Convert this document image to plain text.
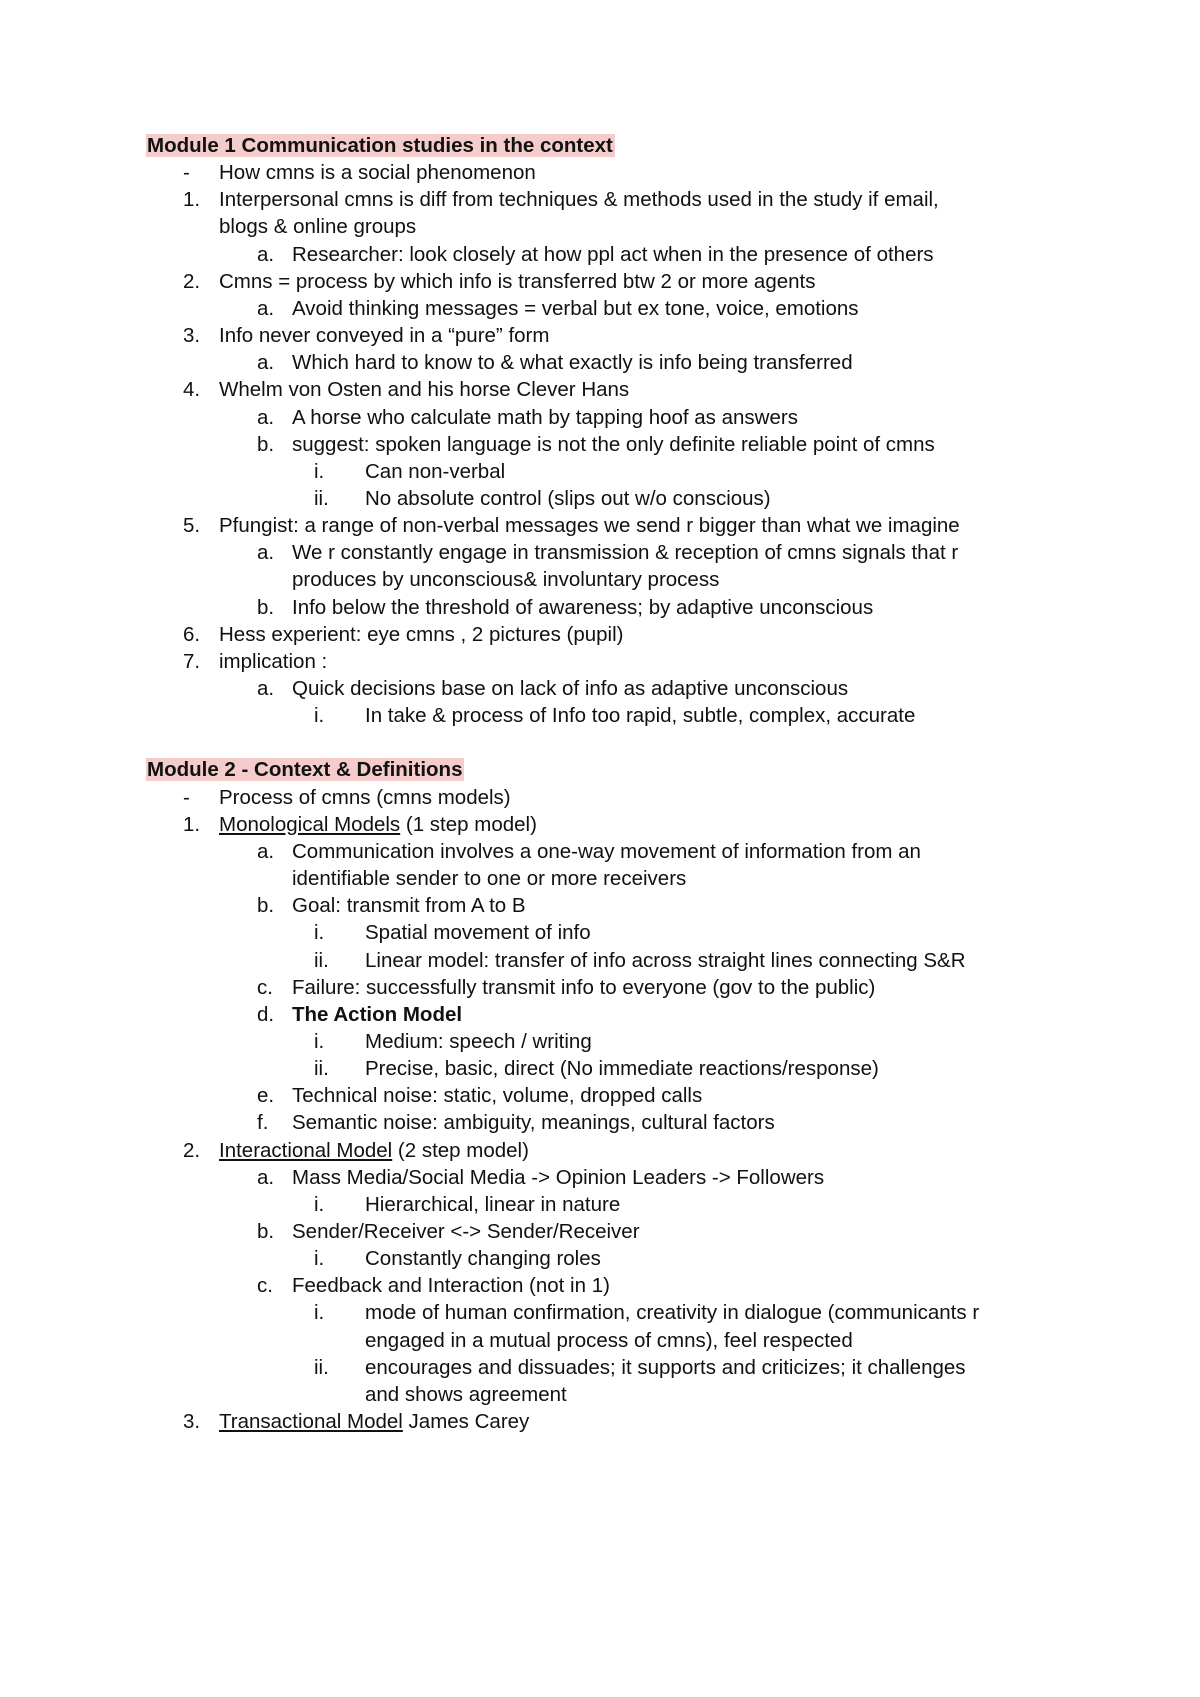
Module 1 Communication studies in the context
- How cmns is a social phenomenon
1. Interpersonal cmns is diff from techniques & methods used in the study if email,
blogs & online groups
a. Researcher: look closely at how ppl act when in the presence of others
2. Cmns = process by which info is transferred btw 2 or more agents
a. Avoid thinking messages = verbal but ex tone, voice, emotions
3. Info never conveyed in a “pure” form
a. Which hard to know to & what exactly is info being transferred
4. Whelm von Osten and his horse Clever Hans
a. A horse who calculate math by tapping hoof as answers
b. suggest: spoken language is not the only definite reliable point of cmns
i. Can non-verbal
ii. No absolute control (slips out w/o conscious)
5. Pfungist: a range of non-verbal messages we send r bigger than what we imagine
a. We r constantly engage in transmission & reception of cmns signals that r
produces by unconscious& involuntary process
b. Info below the threshold of awareness; by adaptive unconscious
6. Hess experient: eye cmns , 2 pictures (pupil)
7. implication :
a. Quick decisions base on lack of info as adaptive unconscious
i. In take & process of Info too rapid, subtle, complex, accurate
Module 2 - Context & Definitions
- Process of cmns (cmns models)
1. Monological Models (1 step model)
a. Communication involves a one-way movement of information from an
identifiable sender to one or more receivers
b. Goal: transmit from A to B
i. Spatial movement of info
ii. Linear model: transfer of info across straight lines connecting S&R
c. Failure: successfully transmit info to everyone (gov to the public)
d. The Action Model
i. Medium: speech / writing
ii. Precise, basic, direct (No immediate reactions/response)
e. Technical noise: static, volume, dropped calls
f. Semantic noise: ambiguity, meanings, cultural factors
2. Interactional Model (2 step model)
a. Mass Media/Social Media -> Opinion Leaders -> Followers
i. Hierarchical, linear in nature
b. Sender/Receiver <-> Sender/Receiver
i. Constantly changing roles
c. Feedback and Interaction (not in 1)
i. mode of human confirmation, creativity in dialogue (communicants r
engaged in a mutual process of cmns), feel respected
ii. encourages and dissuades; it supports and criticizes; it challenges
and shows agreement
3. Transactional Model James Carey
